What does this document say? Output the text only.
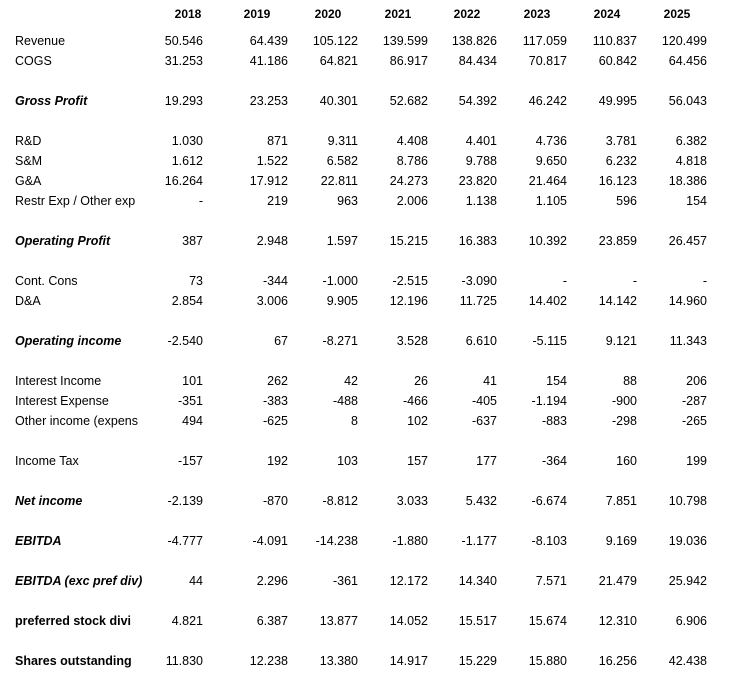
2018	2019	2020	2021	2022	2023	2024	2025
Revenue	50.546	64.439	105.122	139.599	138.826	117.059	110.837	120.499
COGS	31.253	41.186	64.821	86.917	84.434	70.817	60.842	64.456
Gross Profit	19.293	23.253	40.301	52.682	54.392	46.242	49.995	56.043
R&D	1.030	871	9.311	4.408	4.401	4.736	3.781	6.382
S&M	1.612	1.522	6.582	8.786	9.788	9.650	6.232	4.818
G&A	16.264	17.912	22.811	24.273	23.820	21.464	16.123	18.386
Restr Exp / Other exp	-	219	963	2.006	1.138	1.105	596	154
Operating Profit	387	2.948	1.597	15.215	16.383	10.392	23.859	26.457
Cont. Cons	73	-344	-1.000	-2.515	-3.090	-	-	-
D&A	2.854	3.006	9.905	12.196	11.725	14.402	14.142	14.960
Operating income	-2.540	67	-8.271	3.528	6.610	-5.115	9.121	11.343
Interest Income	101	262	42	26	41	154	88	206
Interest Expense	-351	-383	-488	-466	-405	-1.194	-900	-287
Other income (expens	494	-625	8	102	-637	-883	-298	-265
Income Tax	-157	192	103	157	177	-364	160	199
Net income	-2.139	-870	-8.812	3.033	5.432	-6.674	7.851	10.798
EBITDA	-4.777	-4.091	-14.238	-1.880	-1.177	-8.103	9.169	19.036
EBITDA (exc pref div)	44	2.296	-361	12.172	14.340	7.571	21.479	25.942
preferred stock divi	4.821	6.387	13.877	14.052	15.517	15.674	12.310	6.906
Shares outstanding	11.830	12.238	13.380	14.917	15.229	15.880	16.256	42.438
